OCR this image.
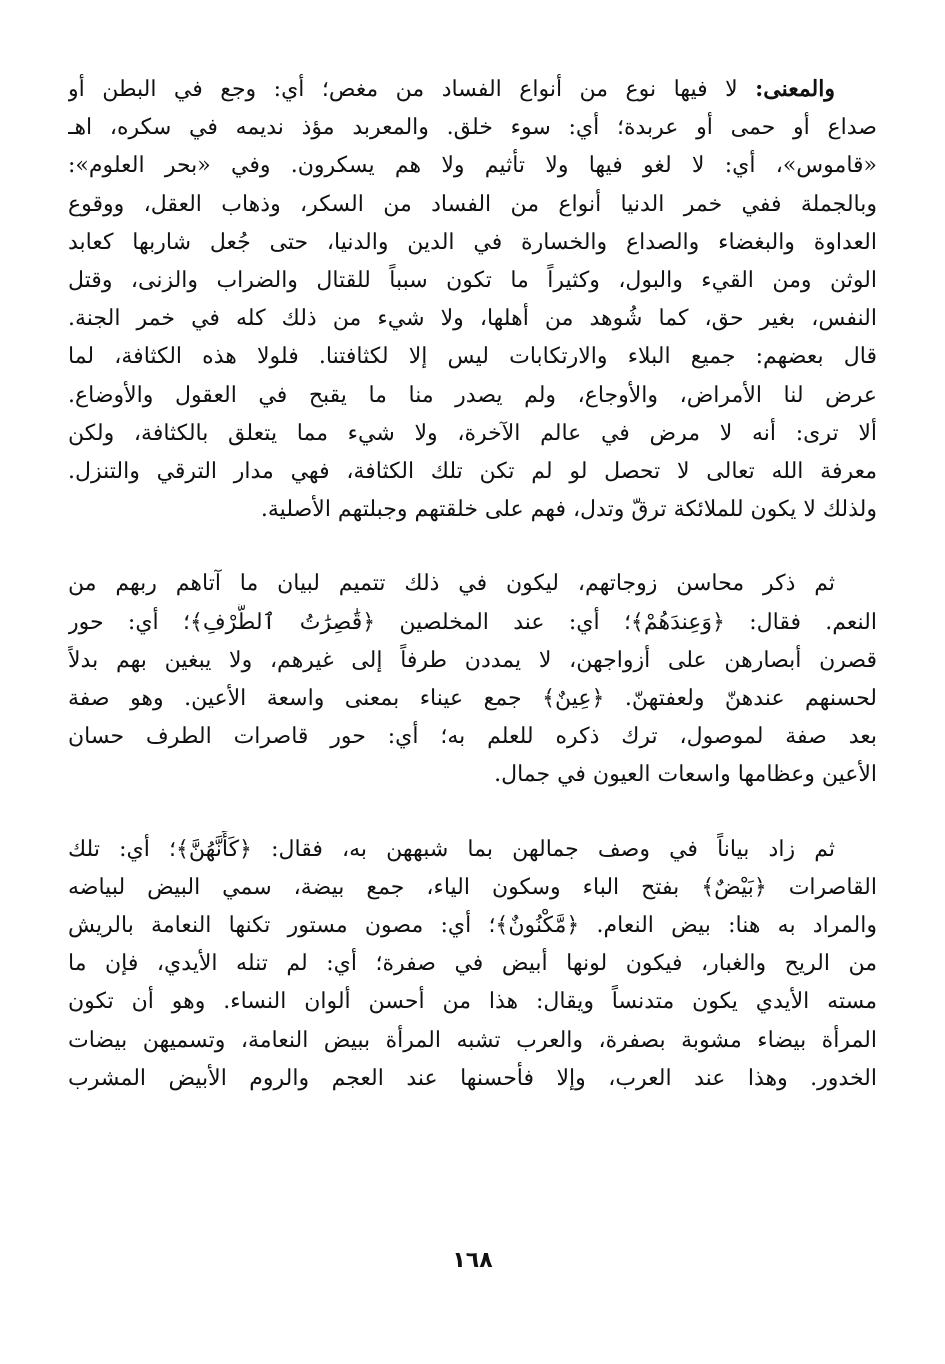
والمعنى: لا فيها نوع من أنواع الفساد من مغص؛ أي: وجع في البطن أو
صداع أو حمى أو عربدة؛ أي: سوء خلق. والمعربد مؤذ نديمه في سكره، اهـ
«قاموس»، أي: لا لغو فيها ولا تأثيم ولا هم يسكرون. وفي «بحر العلوم»:
وبالجملة ففي خمر الدنيا أنواع من الفساد من السكر، وذهاب العقل، ووقوع
العداوة والبغضاء والصداع والخسارة في الدين والدنيا، حتى جُعل شاربها كعابد
الوثن ومن القيء والبول، وكثيراً ما تكون سبباً للقتال والضراب والزنى، وقتل
النفس، بغير حق، كما شُوهد من أهلها، ولا شيء من ذلك كله في خمر الجنة.
قال بعضهم: جميع البلاء والارتكابات ليس إلا لكثافتنا. فلولا هذه الكثافة، لما
عرض لنا الأمراض، والأوجاع، ولم يصدر منا ما يقبح في العقول والأوضاع.
ألا ترى: أنه لا مرض في عالم الآخرة، ولا شيء مما يتعلق بالكثافة، ولكن
معرفة الله تعالى لا تحصل لو لم تكن تلك الكثافة، فهي مدار الترقي والتنزل.
ولذلك لا يكون للملائكة ترقّ وتدل، فهم على خلقتهم وجبلتهم الأصلية.

ثم ذكر محاسن زوجاتهم، ليكون في ذلك تتميم لبيان ما آتاهم ربهم من
النعم. فقال: ﴿وَعِندَهُمْ﴾؛ أي: عند المخلصين ﴿قَٰصِرَٰتُ ٱلطَّرْفِ﴾؛ أي: حور
قصرن أبصارهن على أزواجهن، لا يمددن طرفاً إلى غيرهم، ولا يبغين بهم بدلاً
لحسنهم عندهنّ ولعفتهنّ. ﴿عِينٌ﴾ جمع عيناء بمعنى واسعة الأعين. وهو صفة
بعد صفة لموصول، ترك ذكره للعلم به؛ أي: حور قاصرات الطرف حسان
الأعين وعظامها واسعات العيون في جمال.

ثم زاد بياناً في وصف جمالهن بما شبههن به، فقال: ﴿كَأَنَّهُنَّ﴾؛ أي: تلك
القاصرات ﴿بَيْضٌ﴾ بفتح الباء وسكون الياء، جمع بيضة، سمي البيض لبياضه
والمراد به هنا: بيض النعام. ﴿مَّكْنُونٌ﴾؛ أي: مصون مستور تكنها النعامة بالريش
من الريح والغبار، فيكون لونها أبيض في صفرة؛ أي: لم تنله الأيدي، فإن ما
مسته الأيدي يكون متدنساً ويقال: هذا من أحسن ألوان النساء. وهو أن تكون
المرأة بيضاء مشوبة بصفرة، والعرب تشبه المرأة ببيض النعامة، وتسميهن بيضات
الخدور. وهذا عند العرب، وإلا فأحسنها عند العجم والروم الأبيض المشرب

١٦٨
